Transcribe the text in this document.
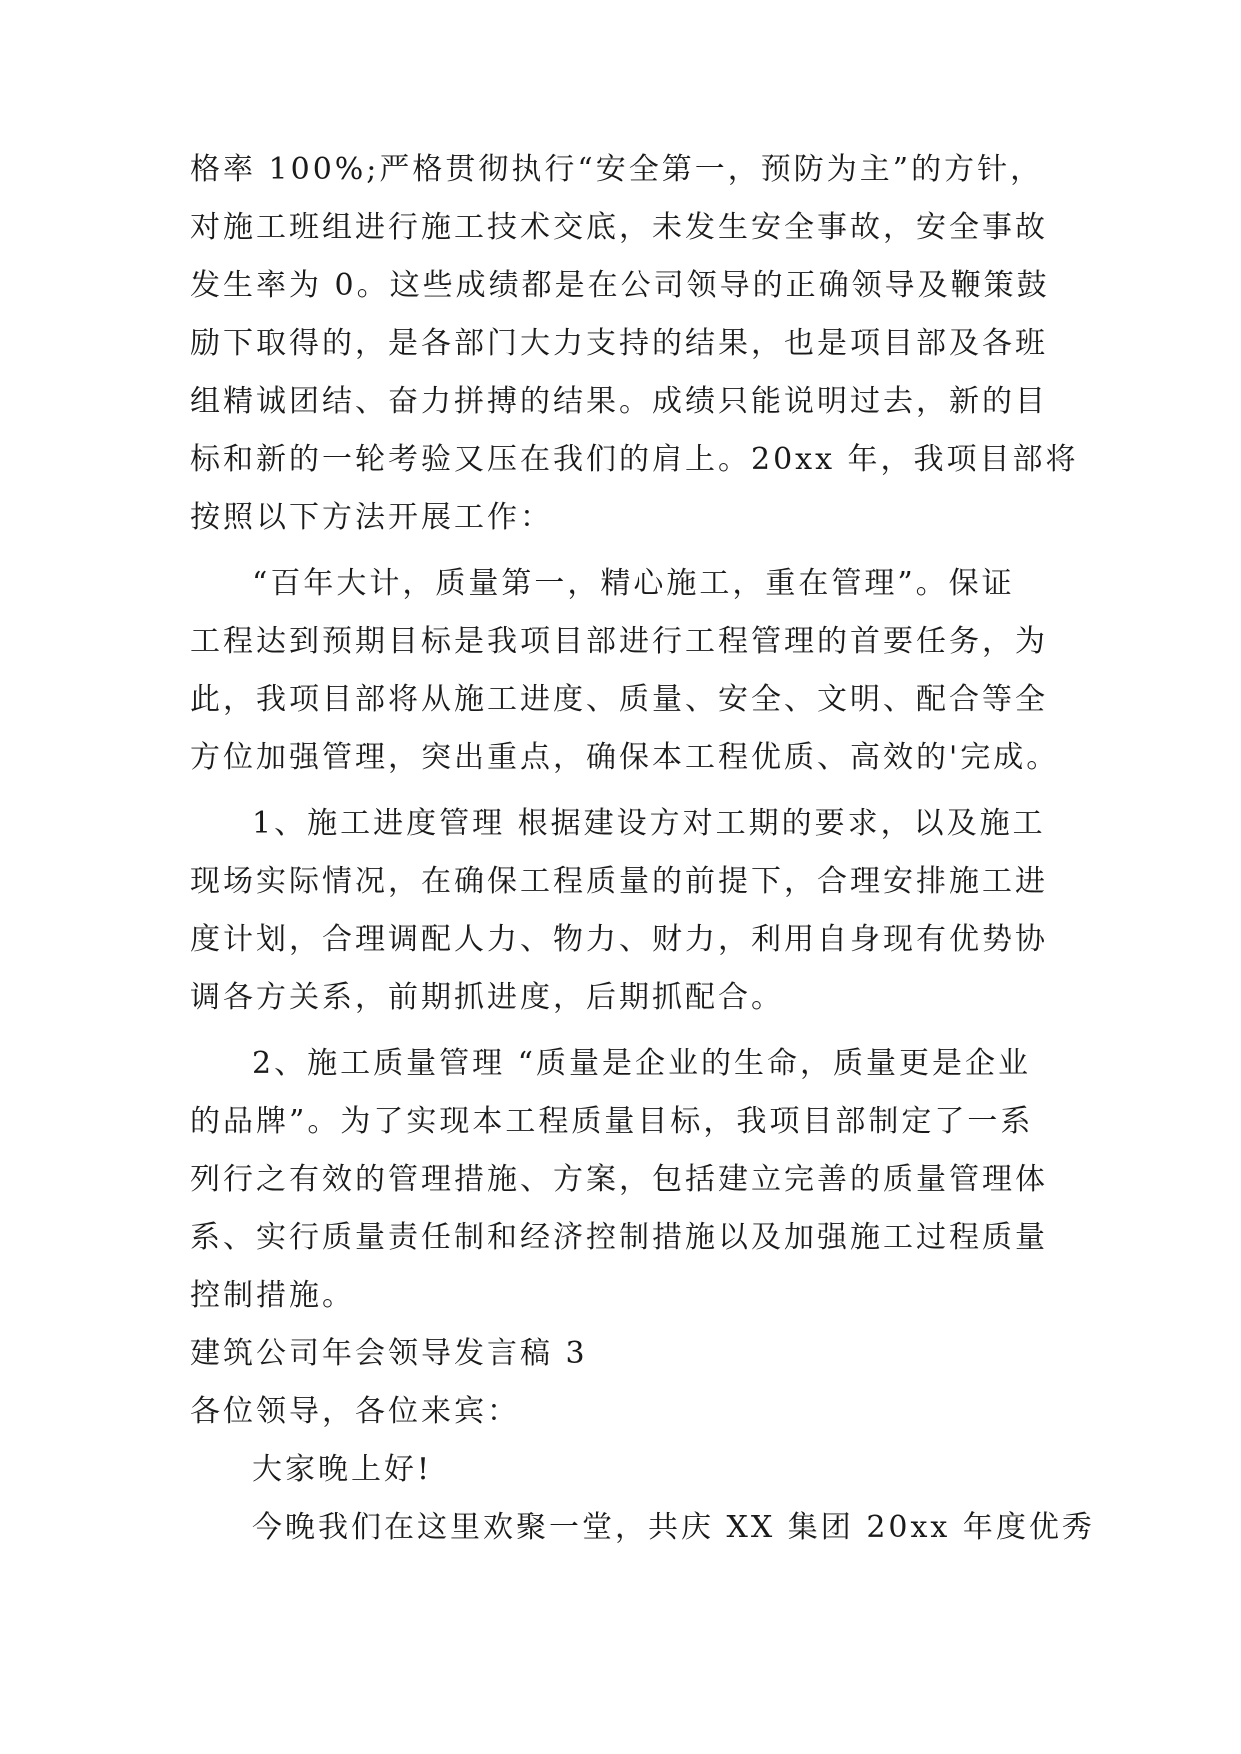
格率 100%;严格贯彻执行“安全第一，预防为主”的方针，
对施工班组进行施工技术交底，未发生安全事故，安全事故
发生率为 0。这些成绩都是在公司领导的正确领导及鞭策鼓
励下取得的，是各部门大力支持的结果，也是项目部及各班
组精诚团结、奋力拼搏的结果。成绩只能说明过去，新的目
标和新的一轮考验又压在我们的肩上。20xx 年，我项目部将
按照以下方法开展工作：
“百年大计，质量第一，精心施工，重在管理”。保证
工程达到预期目标是我项目部进行工程管理的首要任务，为
此，我项目部将从施工进度、质量、安全、文明、配合等全
方位加强管理，突出重点，确保本工程优质、高效的'完成。
1、施工进度管理 根据建设方对工期的要求，以及施工
现场实际情况，在确保工程质量的前提下，合理安排施工进
度计划，合理调配人力、物力、财力，利用自身现有优势协
调各方关系，前期抓进度，后期抓配合。
2、施工质量管理 “质量是企业的生命，质量更是企业
的品牌”。为了实现本工程质量目标，我项目部制定了一系
列行之有效的管理措施、方案，包括建立完善的质量管理体
系、实行质量责任制和经济控制措施以及加强施工过程质量
控制措施。
建筑公司年会领导发言稿 3
各位领导，各位来宾：
大家晚上好!
今晚我们在这里欢聚一堂，共庆 XX 集团 20xx 年度优秀
